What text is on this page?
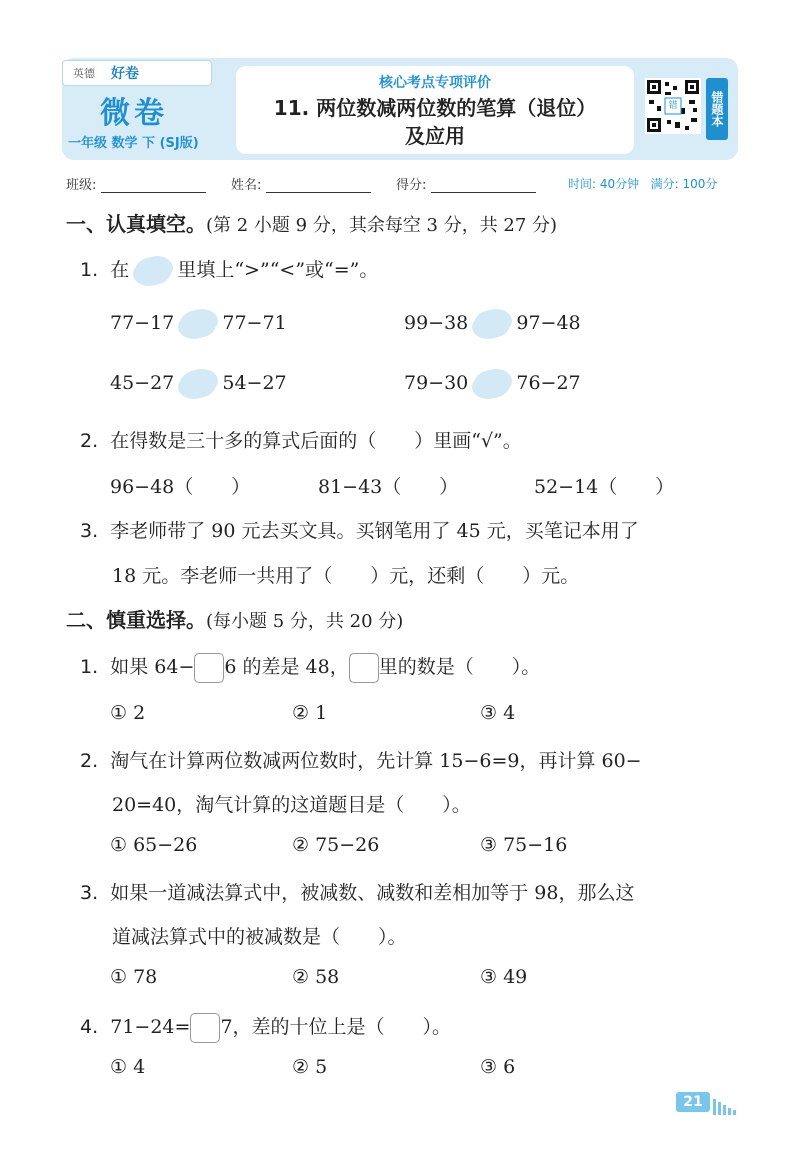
英德 好卷
微卷
一年级 数学 下 (SJ版)
核心考点专项评价
11. 两位数减两位数的笔算（退位）
及应用
错	错题本
班级:	姓名:	得分:	时间: 40分钟 满分: 100分
一、认真填空。(第 2 小题 9 分，其余每空 3 分，共 27 分)
1. 在	里填上“>”“<”或“=”。
77−17	77−71	99−38	97−48
45−27	54−27	79−30	76−27
2. 在得数是三十多的算式后面的（　　）里画“√”。
96−48（　　）	81−43（　　）	52−14（　　）
3. 李老师带了 90 元去买文具。买钢笔用了 45 元，买笔记本用了
18 元。李老师一共用了（　　）元，还剩（　　）元。
二、慎重选择。(每小题 5 分，共 20 分)
1. 如果 64− 6 的差是 48， 里的数是（　　）。
① 2	② 1	③ 4
2. 淘气在计算两位数减两位数时，先计算 15−6=9，再计算 60−
20=40，淘气计算的这道题目是（　　）。
① 65−26	② 75−26	③ 75−16
3. 如果一道减法算式中，被减数、减数和差相加等于 98，那么这
道减法算式中的被减数是（　　）。
① 78	② 58	③ 49
4. 71−24= 7，差的十位上是（　　）。
① 4	② 5	③ 6
21
